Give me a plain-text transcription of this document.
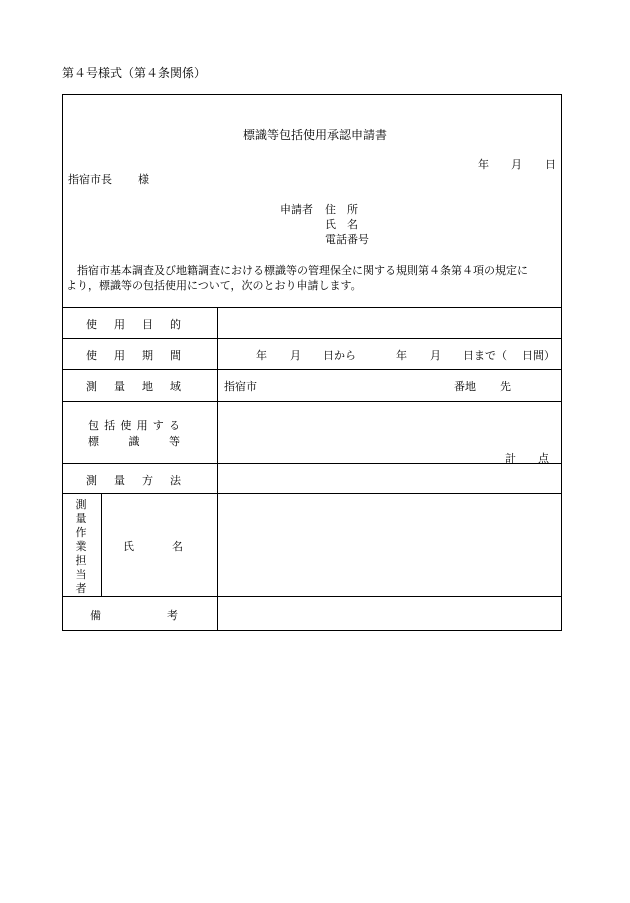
第４号様式（第４条関係）
標識等包括使用承認申請書
年 月 日
指宿市長 様
申請者 住　所
氏　名
電話番号
　指宿市基本調査及び地籍調査における標識等の管理保全に関する規則第４条第４項の規定に
より，標識等の包括使用について，次のとおり申請します。
使 用 目 的
使 用 期 間	年 月 日から	年 月 日まで（ 日間）
測 量 地 域	指宿市	番地 先
包 括 使 用 す る
標	識	等
計 点
測 量 方 法
測量作業担当者
氏	名
備	考
